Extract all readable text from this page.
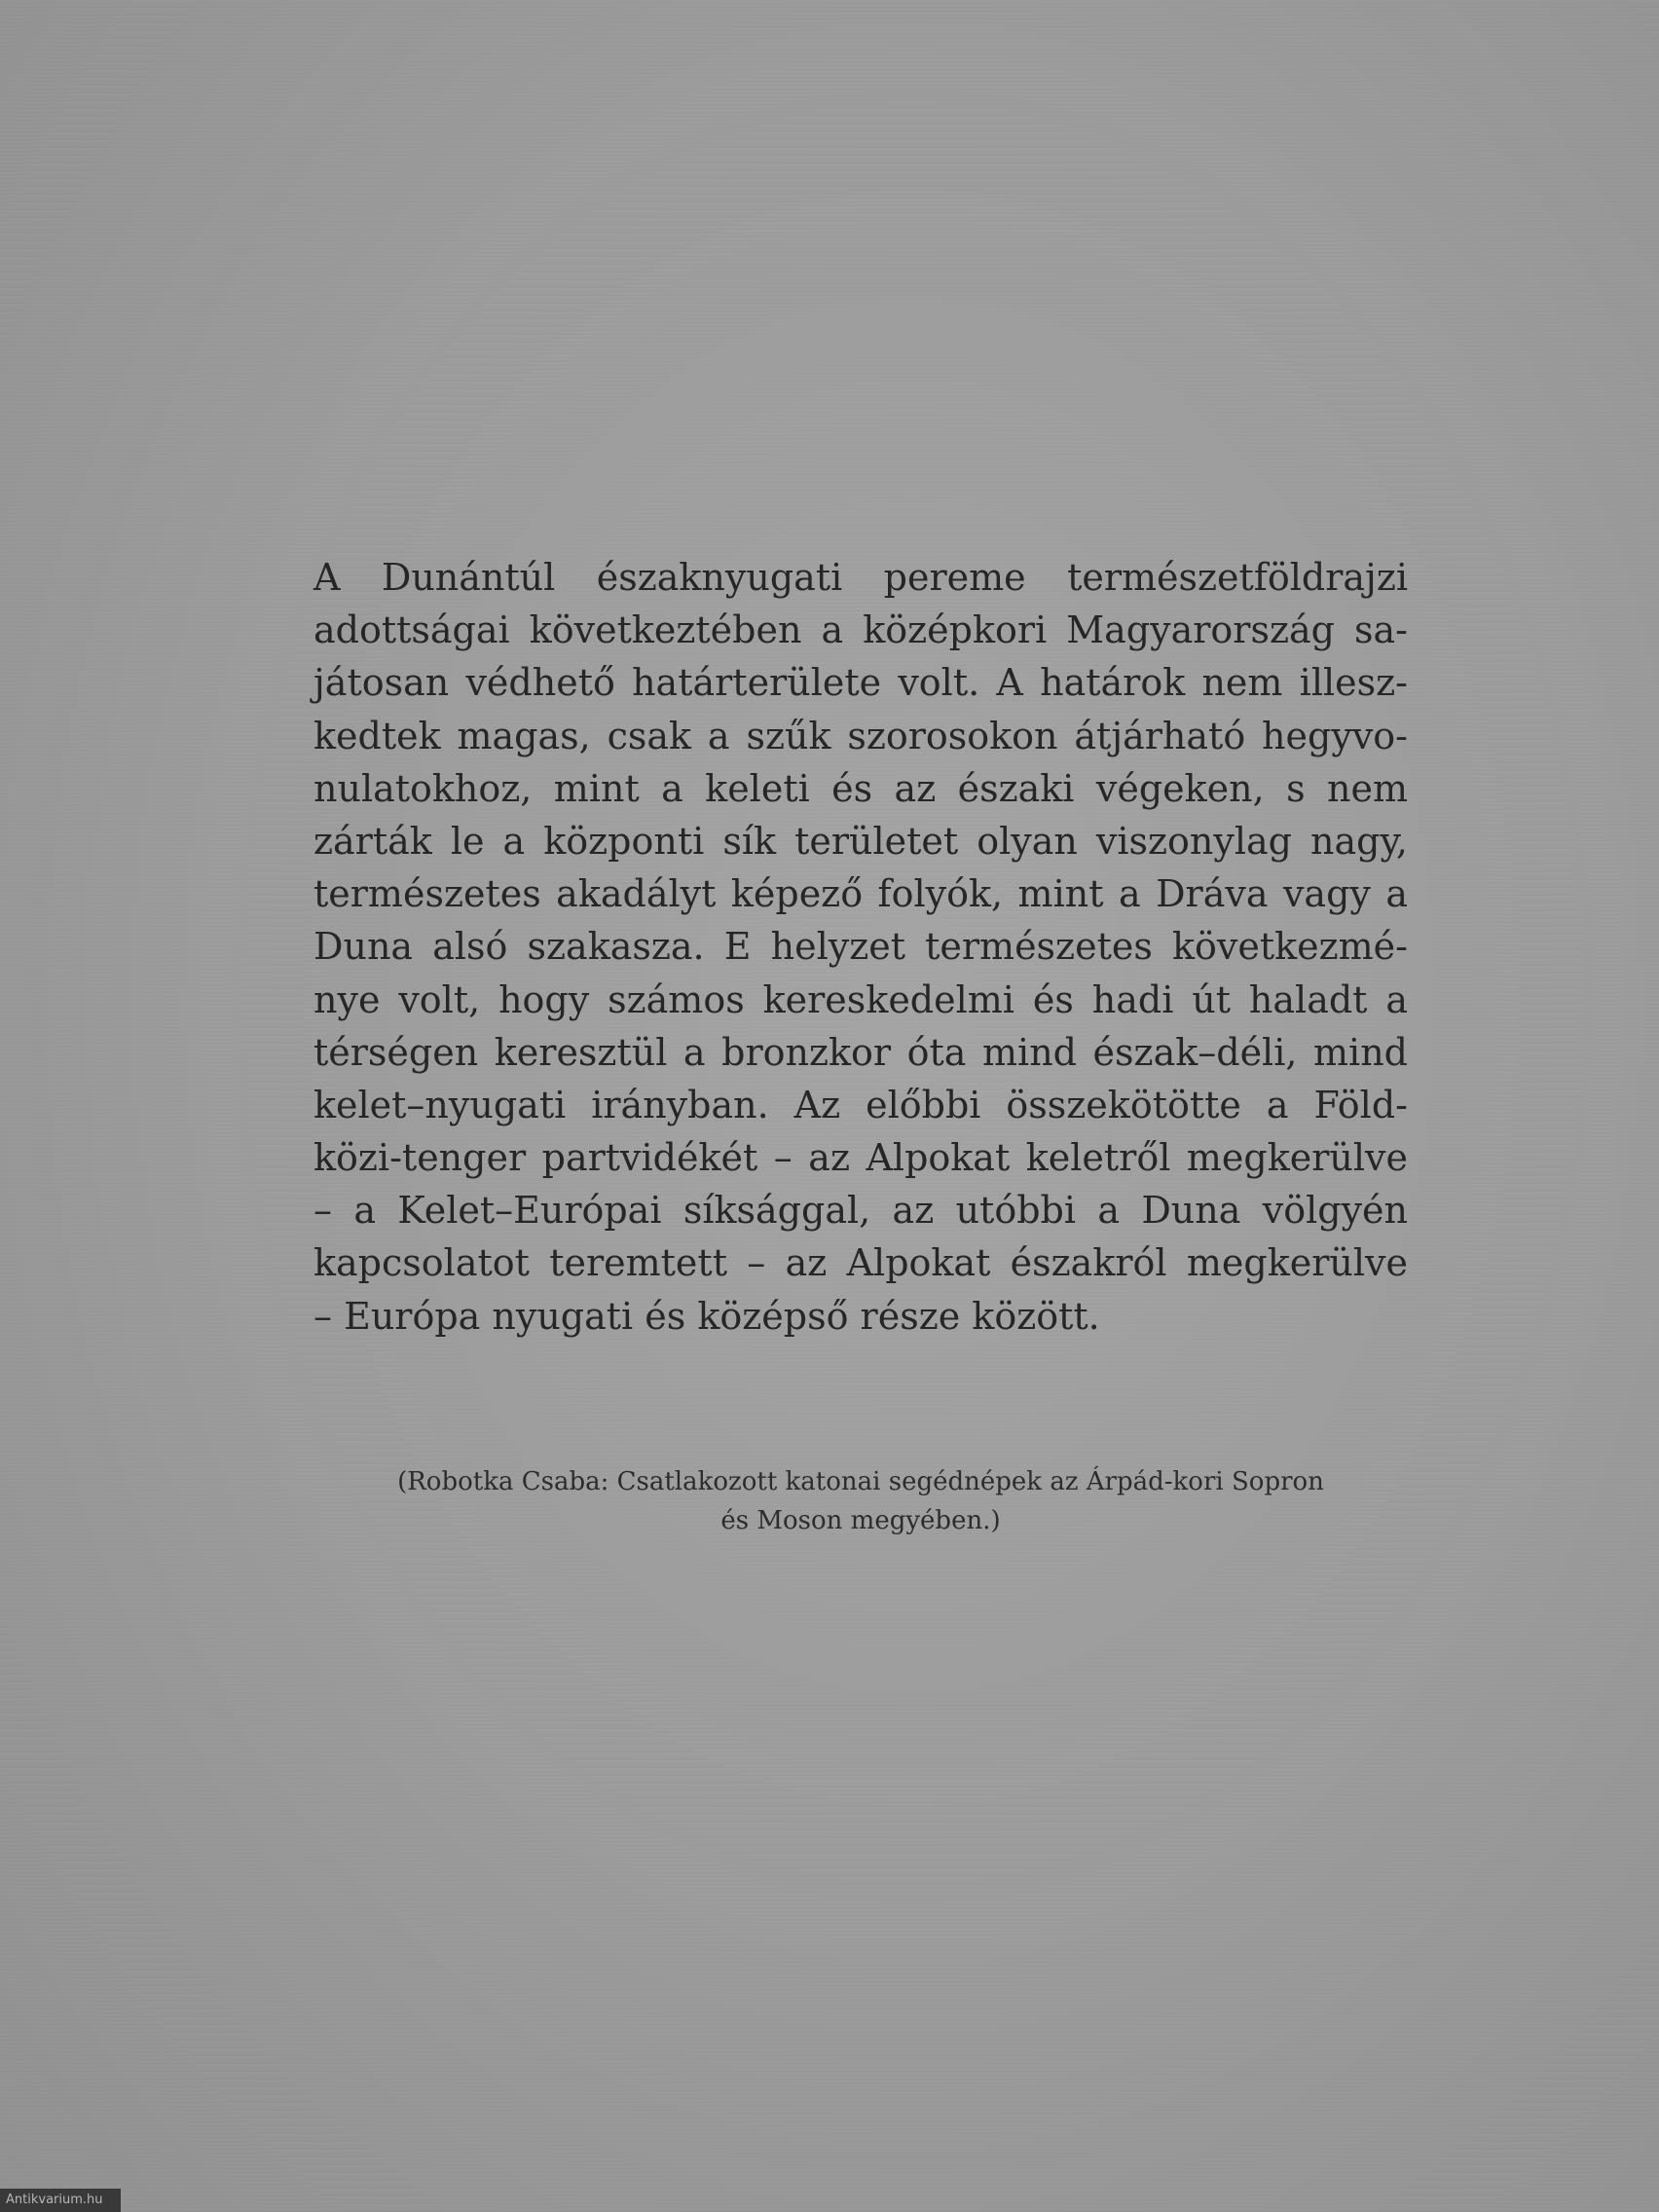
A Dunántúl északnyugati pereme természetföldrajzi
adottságai következtében a középkori Magyarország sa-
játosan védhető határterülete volt. A határok nem illesz-
kedtek magas, csak a szűk szorosokon átjárható hegyvo-
nulatokhoz, mint a keleti és az északi végeken, s nem
zárták le a központi sík területet olyan viszonylag nagy,
természetes akadályt képező folyók, mint a Dráva vagy a
Duna alsó szakasza. E helyzet természetes következmé-
nye volt, hogy számos kereskedelmi és hadi út haladt a
térségen keresztül a bronzkor óta mind észak–déli, mind
kelet–nyugati irányban. Az előbbi összekötötte a Föld-
közi-tenger partvidékét – az Alpokat keletről megkerülve
– a Kelet–Európai síksággal, az utóbbi a Duna völgyén
kapcsolatot teremtett – az Alpokat északról megkerülve
– Európa nyugati és középső része között.
(Robotka Csaba: Csatlakozott katonai segédnépek az Árpád-kori Sopron
és Moson megyében.)
Antikvarium.hu
